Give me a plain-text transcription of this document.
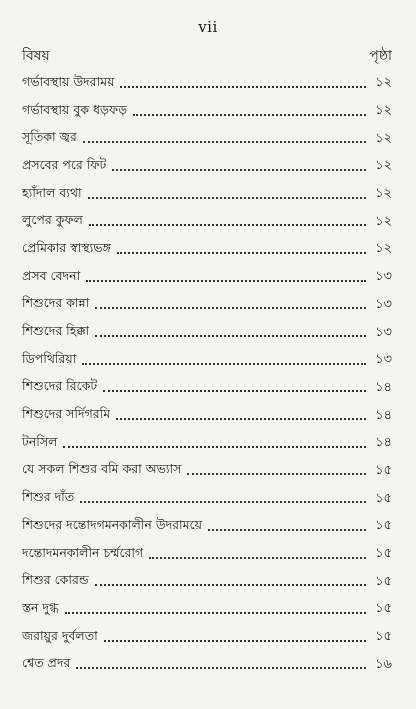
vii
বিষয়	পৃষ্ঠা
গর্ভাবস্থায় উদরাময়	১২
গর্ভাবস্থায় বুক ধড়ফড়	১২
সূতিকা জ্বর	১২
প্রসবের পরে ফিট	১২
হ্যাঁদাল ব্যথা	১২
লুপের কুফল	১২
প্রেমিকার স্বাস্থ্যভঙ্গ	১২
প্রসব বেদনা	১৩
শিশুদের কান্না	১৩
শিশুদের হিক্কা	১৩
ডিপথিরিয়া	১৩
শিশুদের রিকেট	১৪
শিশুদের সর্দিগরমি	১৪
টনসিল	১৪
যে সকল শিশুর বমি করা অভ্যাস	১৫
শিশুর দাঁত	১৫
শিশুদের দন্তোদগমনকালীন উদরাময়ে	১৫
দন্তোদমনকালীন চর্ম্মরোগ	১৫
শিশুর কোরন্ড	১৫
স্তন দুগ্ধ	১৫
জরায়ুর দুর্বলতা	১৫
শ্বেত প্রদর	১৬
